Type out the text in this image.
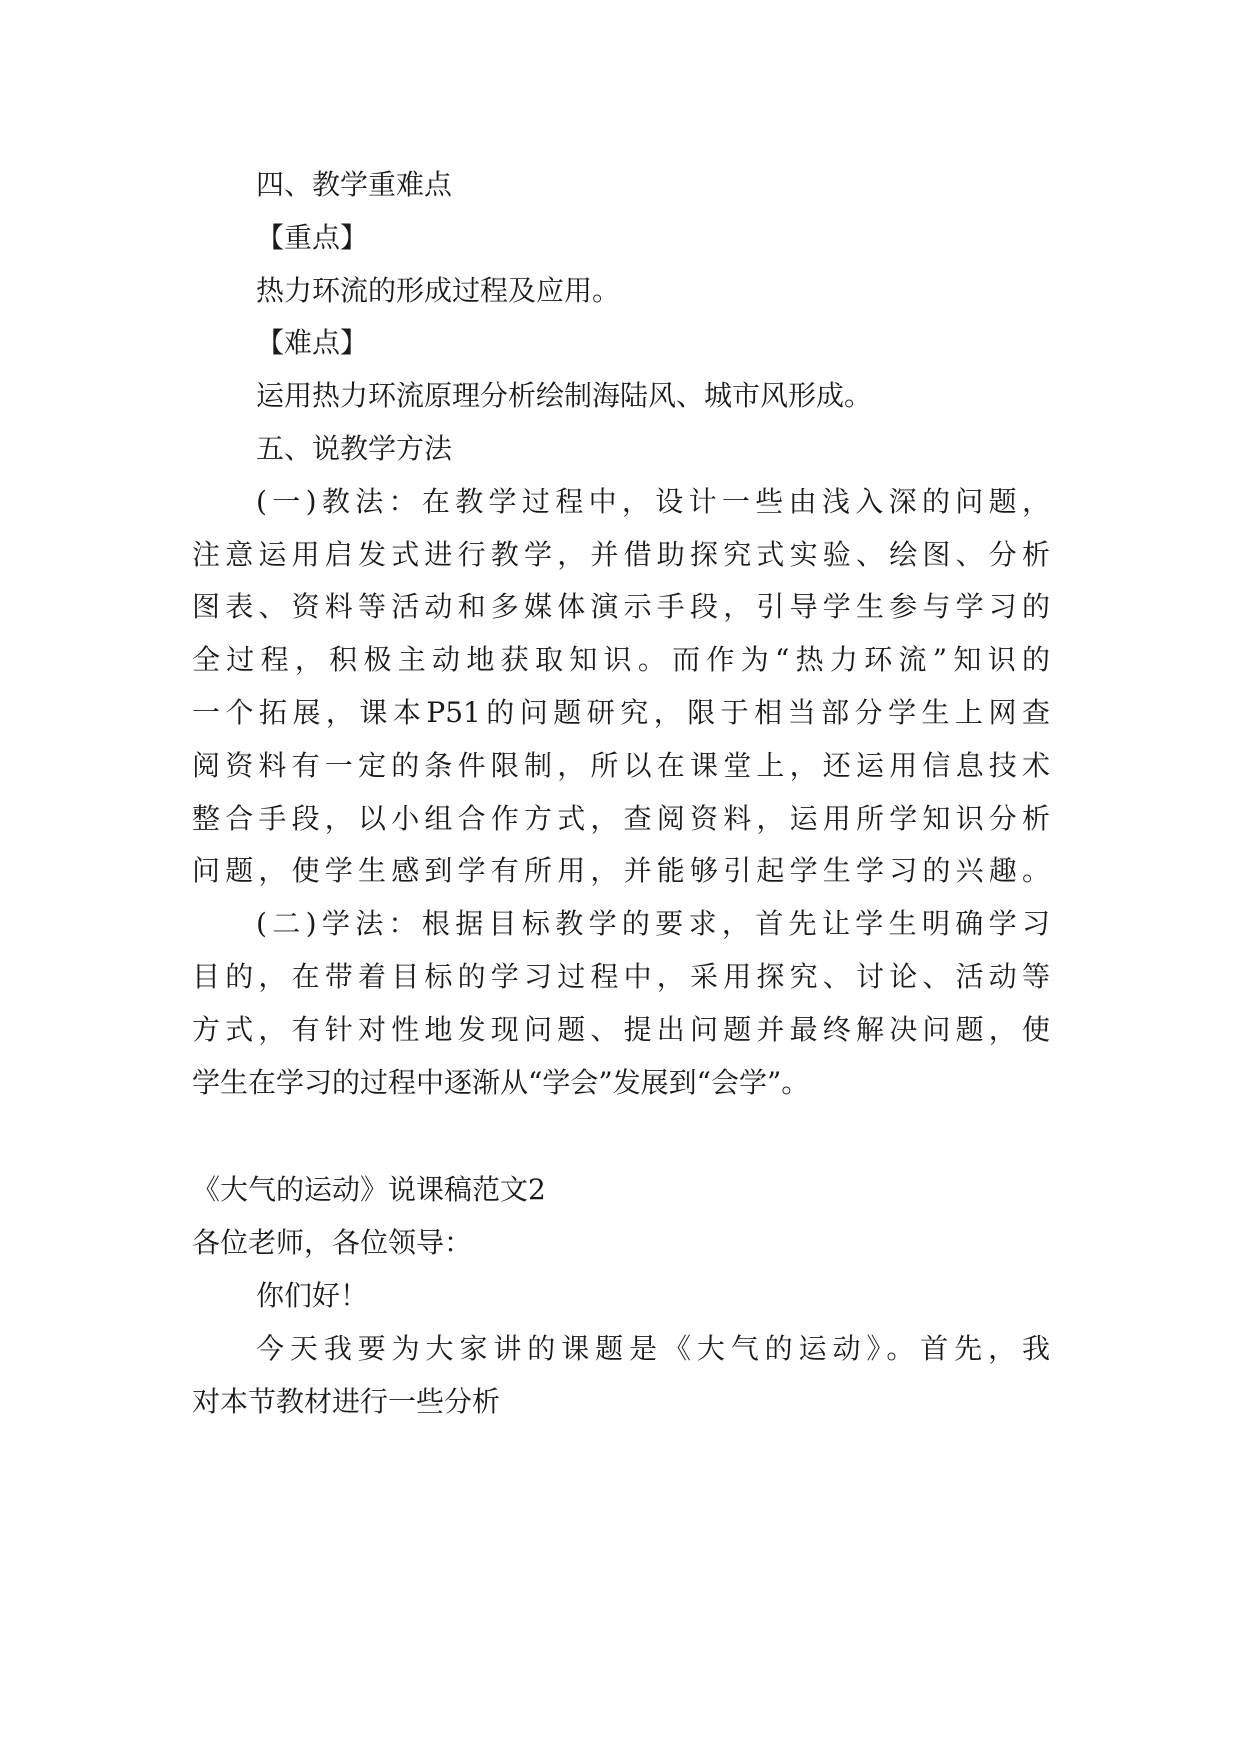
四、教学重难点
【重点】
热力环流的形成过程及应用。
【难点】
运用热力环流原理分析绘制海陆风、城市风形成。
五、说教学方法
(一)教法：在教学过程中，设计一些由浅入深的问题，
注意运用启发式进行教学，并借助探究式实验、绘图、分析
图表、资料等活动和多媒体演示手段，引导学生参与学习的
全过程，积极主动地获取知识。而作为“热力环流”知识的
一个拓展，课本P51的问题研究，限于相当部分学生上网查
阅资料有一定的条件限制，所以在课堂上，还运用信息技术
整合手段，以小组合作方式，查阅资料，运用所学知识分析
问题，使学生感到学有所用，并能够引起学生学习的兴趣。
(二)学法：根据目标教学的要求，首先让学生明确学习
目的，在带着目标的学习过程中，采用探究、讨论、活动等
方式，有针对性地发现问题、提出问题并最终解决问题，使
学生在学习的过程中逐渐从“学会”发展到“会学”。
《大气的运动》说课稿范文2
各位老师，各位领导：
你们好！
今天我要为大家讲的课题是《大气的运动》。首先，我
对本节教材进行一些分析
